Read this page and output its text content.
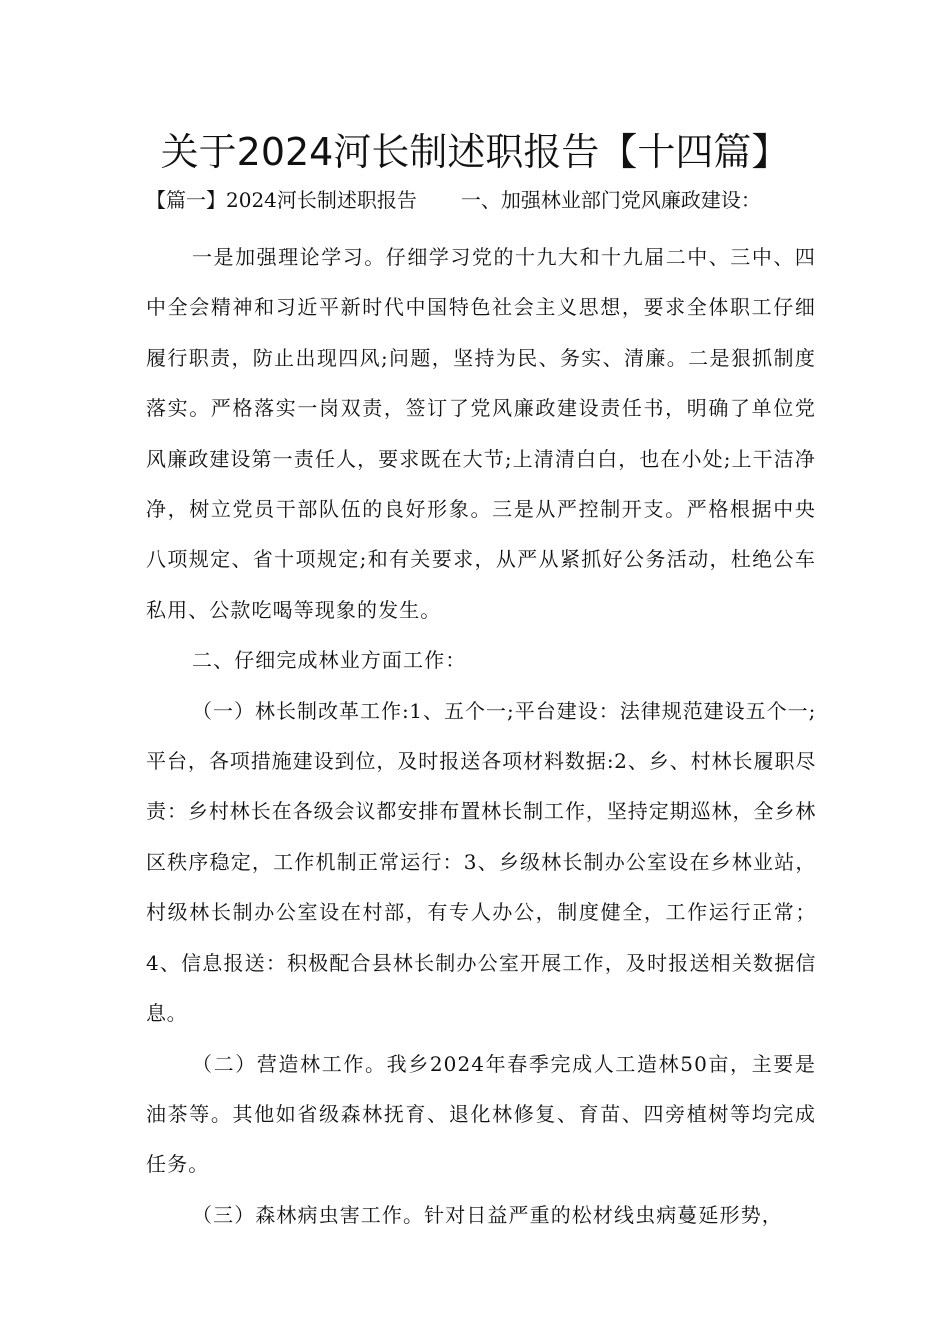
关于2024河长制述职报告【十四篇】
【篇一】2024河长制述职报告 一、加强林业部门党风廉政建设：

一是加强理论学习。仔细学习党的十九大和十九届二中、三中、四中全会精神和习近平新时代中国特色社会主义思想，要求全体职工仔细履行职责，防止出现四风;问题，坚持为民、务实、清廉。二是狠抓制度落实。严格落实一岗双责，签订了党风廉政建设责任书，明确了单位党风廉政建设第一责任人，要求既在大节;上清清白白，也在小处;上干洁净净，树立党员干部队伍的良好形象。三是从严控制开支。严格根据中央八项规定、省十项规定;和有关要求，从严从紧抓好公务活动，杜绝公车私用、公款吃喝等现象的发生。

二、仔细完成林业方面工作：

（一）林长制改革工作:1、五个一;平台建设：法律规范建设五个一;平台，各项措施建设到位，及时报送各项材料数据:2、乡、村林长履职尽责：乡村林长在各级会议都安排布置林长制工作，坚持定期巡林，全乡林区秩序稳定，工作机制正常运行：3、乡级林长制办公室设在乡林业站，村级林长制办公室设在村部，有专人办公，制度健全，工作运行正常；4、信息报送：积极配合县林长制办公室开展工作，及时报送相关数据信息。

（二）营造林工作。我乡2024年春季完成人工造林50亩，主要是油茶等。其他如省级森林抚育、退化林修复、育苗、四旁植树等均完成任务。

（三）森林病虫害工作。针对日益严重的松材线虫病蔓延形势，
